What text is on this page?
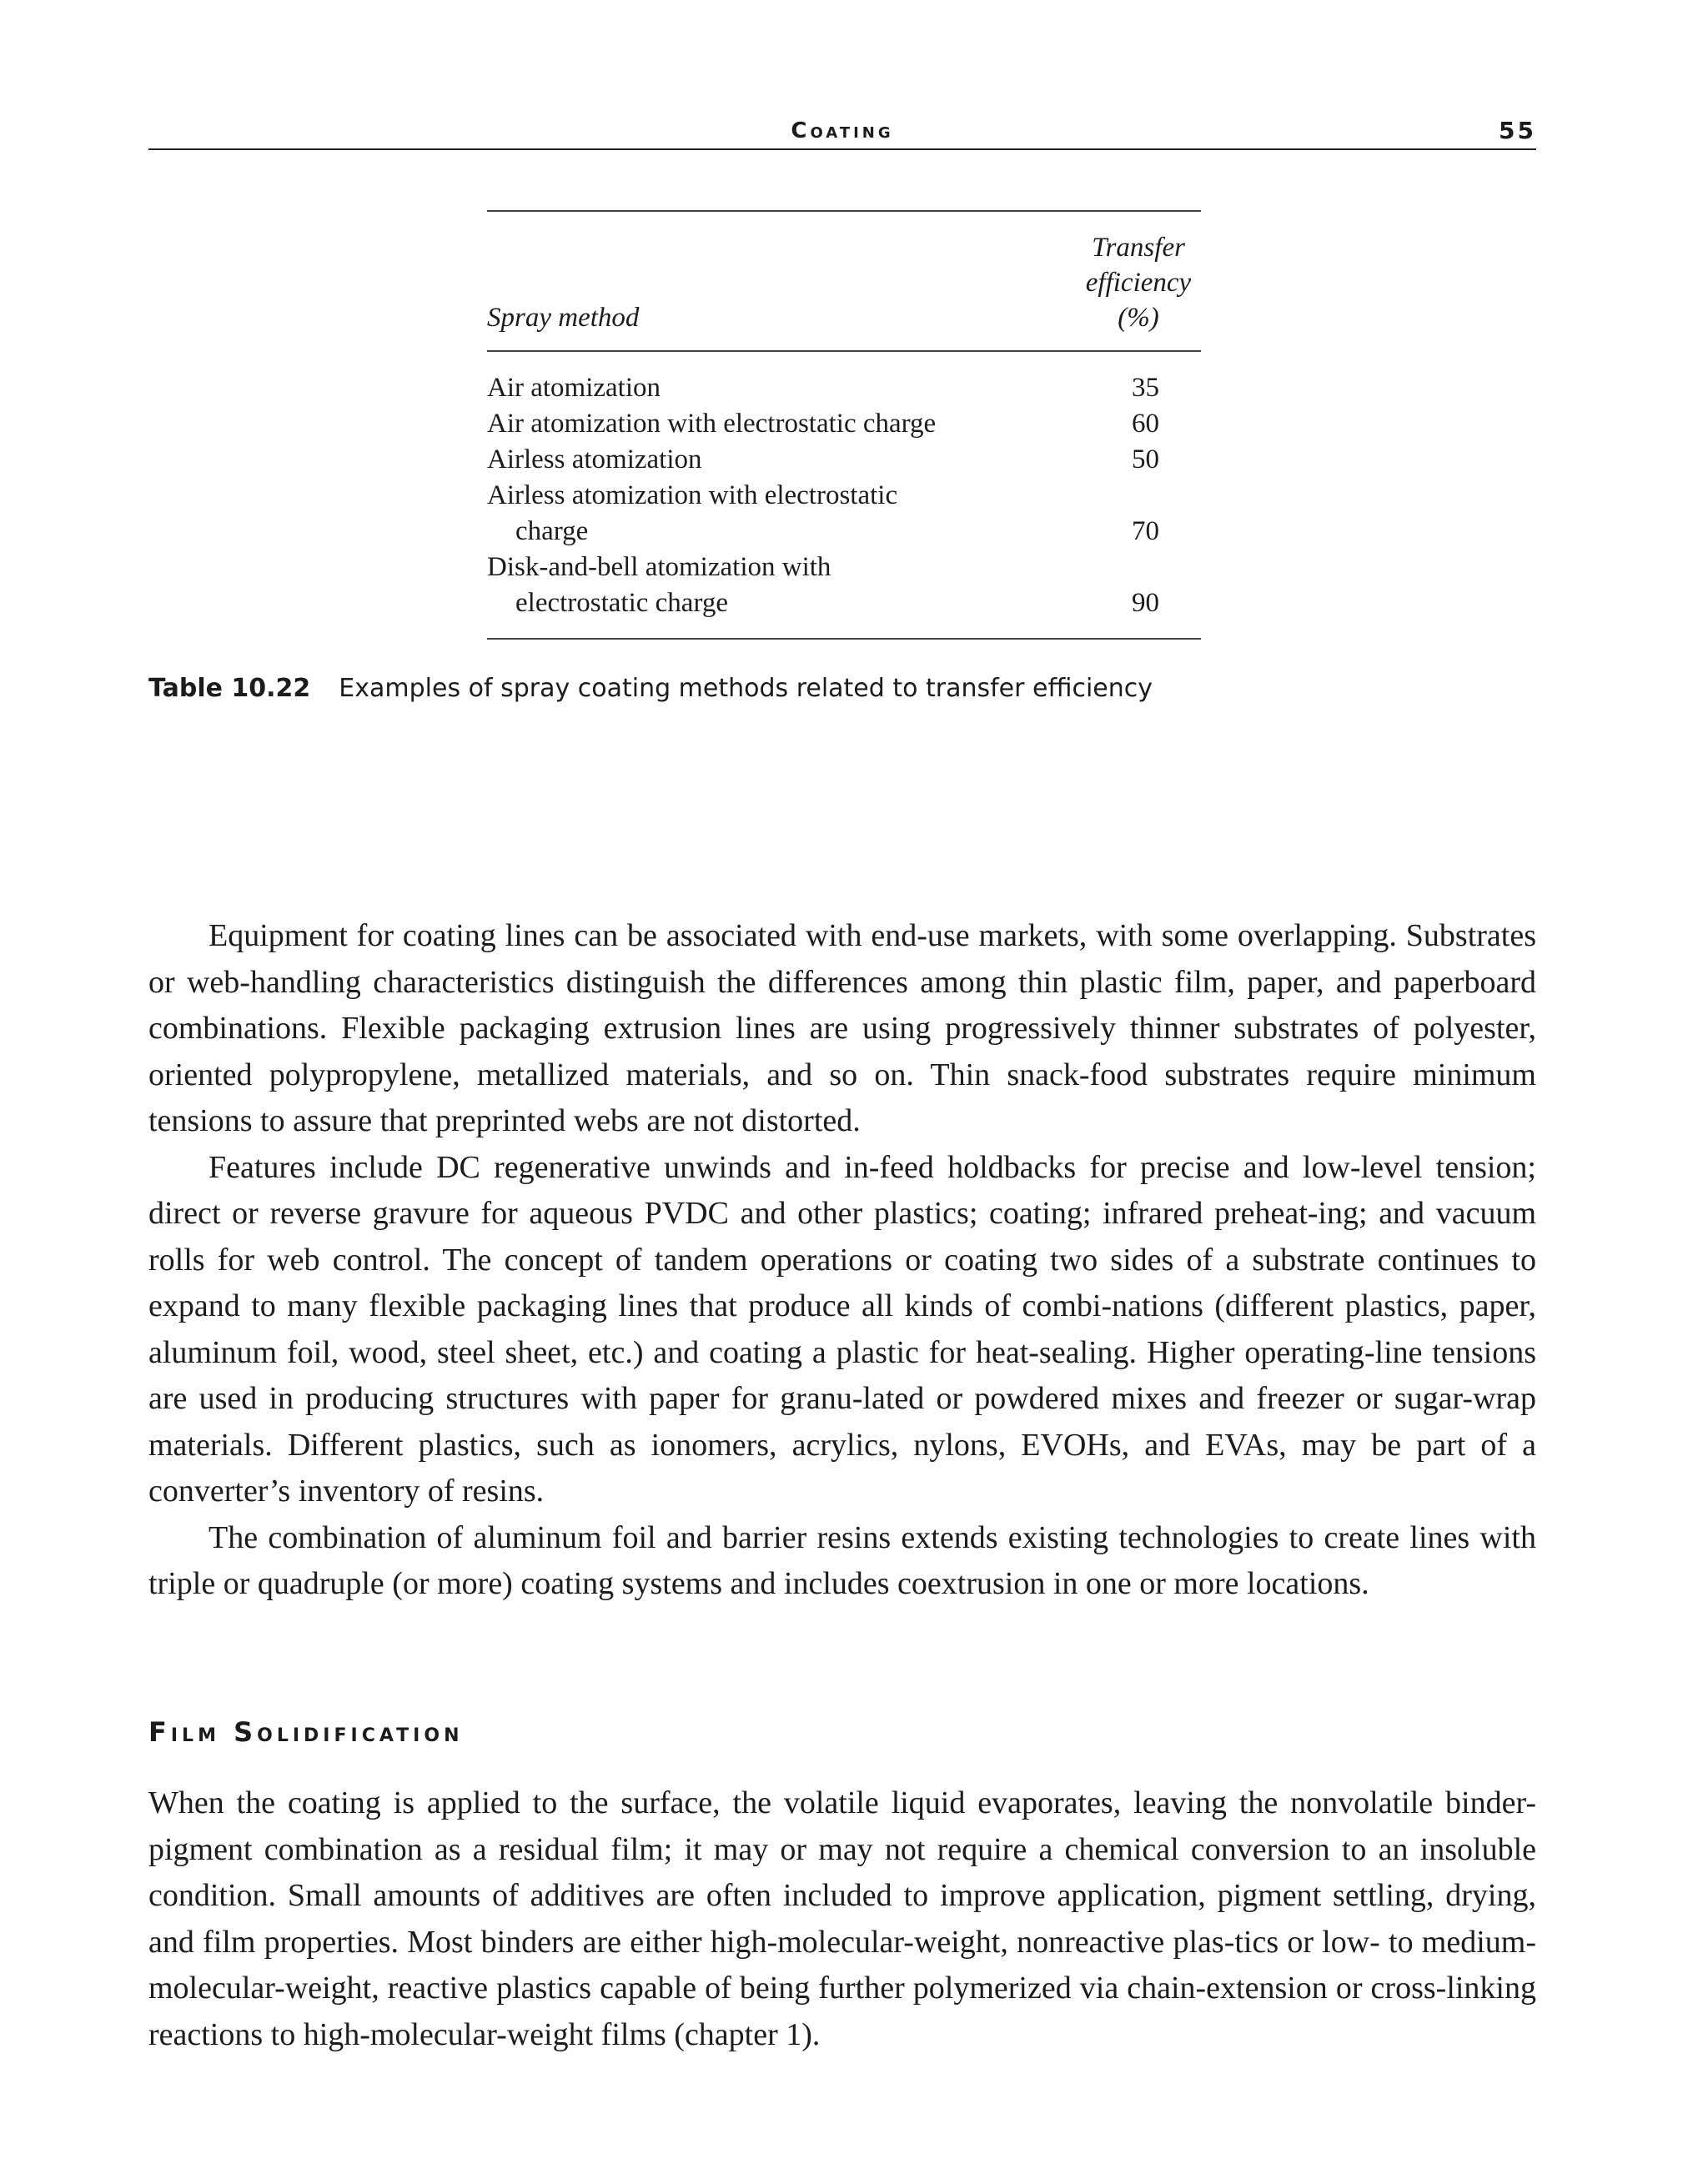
Coating	55
Spray method	Transfer
efficiency
(%)
Air atomization	35
Air atomization with electrostatic charge	60
Airless atomization	50
Airless atomization with electrostatic
charge	70
Disk-and-bell atomization with
electrostatic charge	90
Table 10.22 Examples of spray coating methods related to transfer efficiency

Equipment for coating lines can be associated with end-use markets, with some overlapping. Substrates or web-handling characteristics distinguish the differences among thin plastic film, paper, and paperboard combinations. Flexible packaging extrusion lines are using progressively thinner substrates of polyester, oriented polypropylene, metallized materials, and so on. Thin snack-food substrates require minimum tensions to assure that preprinted webs are not distorted.

Features include DC regenerative unwinds and in-feed holdbacks for precise and low-level tension; direct or reverse gravure for aqueous PVDC and other plastics; coating; infrared preheat-ing; and vacuum rolls for web control. The concept of tandem operations or coating two sides of a substrate continues to expand to many flexible packaging lines that produce all kinds of combi-nations (different plastics, paper, aluminum foil, wood, steel sheet, etc.) and coating a plastic for heat-sealing. Higher operating-line tensions are used in producing structures with paper for granu-lated or powdered mixes and freezer or sugar-wrap materials. Different plastics, such as ionomers, acrylics, nylons, EVOHs, and EVAs, may be part of a converter’s inventory of resins.

The combination of aluminum foil and barrier resins extends existing technologies to create lines with triple or quadruple (or more) coating systems and includes coextrusion in one or more locations.

Film Solidification

When the coating is applied to the surface, the volatile liquid evaporates, leaving the nonvolatile binder-pigment combination as a residual film; it may or may not require a chemical conversion to an insoluble condition. Small amounts of additives are often included to improve application, pigment settling, drying, and film properties. Most binders are either high-molecular-weight, nonreactive plas-tics or low- to medium-molecular-weight, reactive plastics capable of being further polymerized via chain-extension or cross-linking reactions to high-molecular-weight films (chapter 1).
